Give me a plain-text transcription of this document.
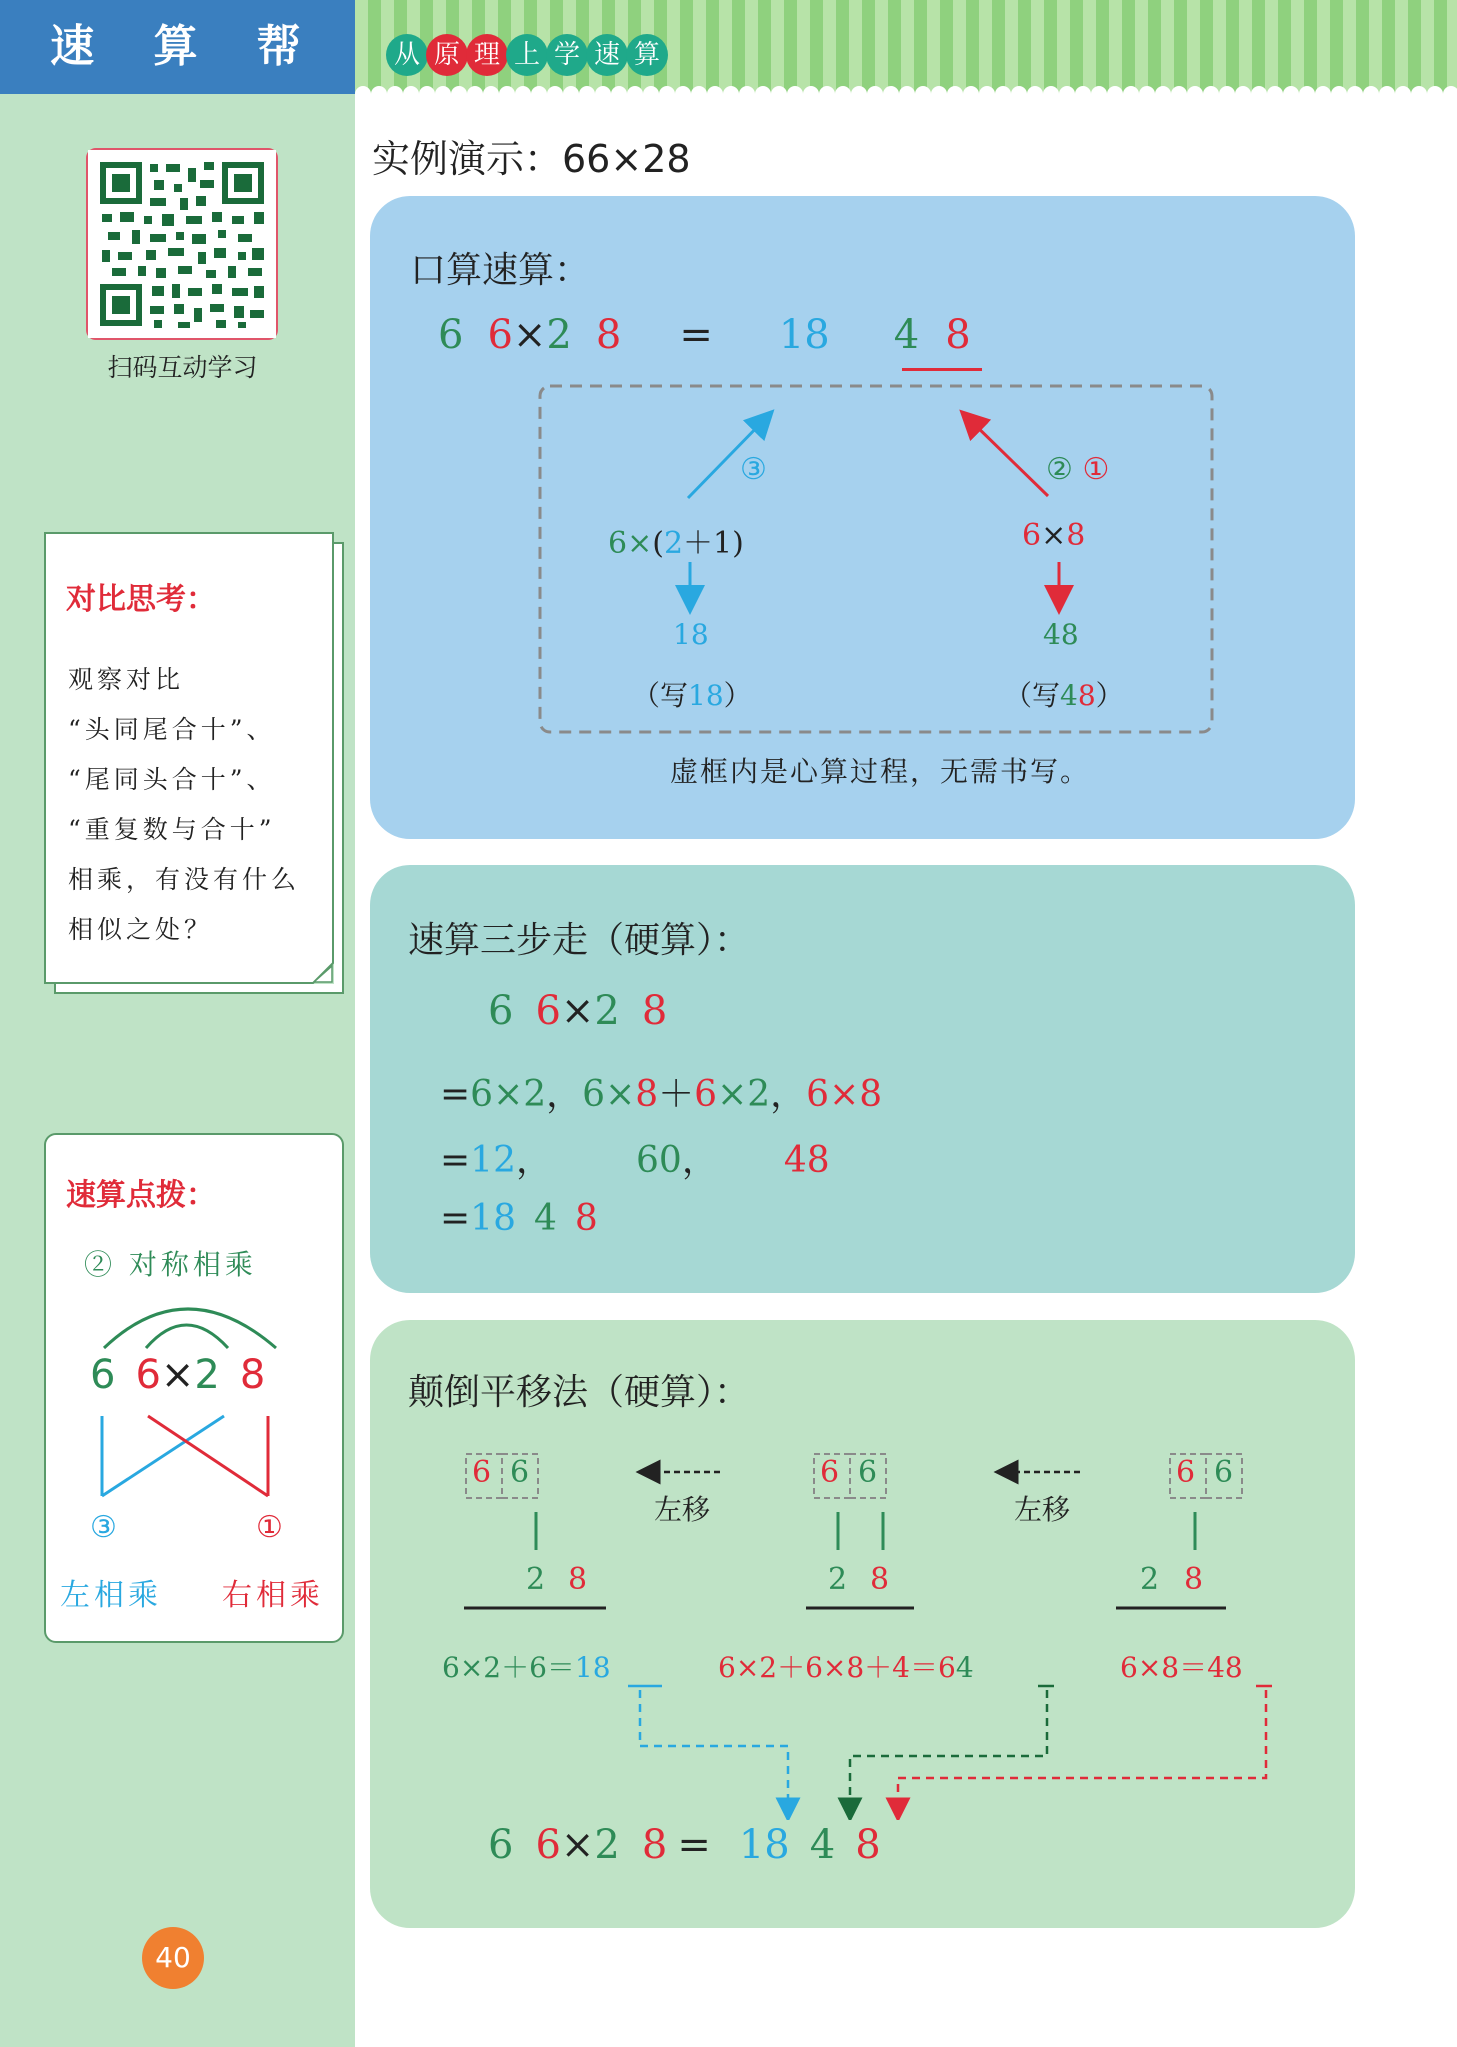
速 算 帮
扫码互动学习
对比思考：
观察对比
“头同尾合十”、
“尾同头合十”、
“重复数与合十”
相乘，有没有什么
相似之处？
速算点拨：
② 对称相乘
6 6×2 8
③	①
左相乘 右相乘
40
从 原 理 上 学 速 算
实例演示：66×28
口算速算：
6 6×2 8 = 18 4 8
③	② ①
6×(2＋1)	6×8
18	48
（写18）	（写48）
虚框内是心算过程，无需书写。
速算三步走（硬算）：
6 6×2 8
=6×2，6×8＋6×2，6×8
=12， 60， 48
=18 4 8
颠倒平移法（硬算）：
6 6	6 6	6 6
左移	左移
2 8	2 8	2 8
6×2＋6＝18	6×2＋6×8＋4＝64	6×8＝48
6 6×2 8 = 18 4 8
